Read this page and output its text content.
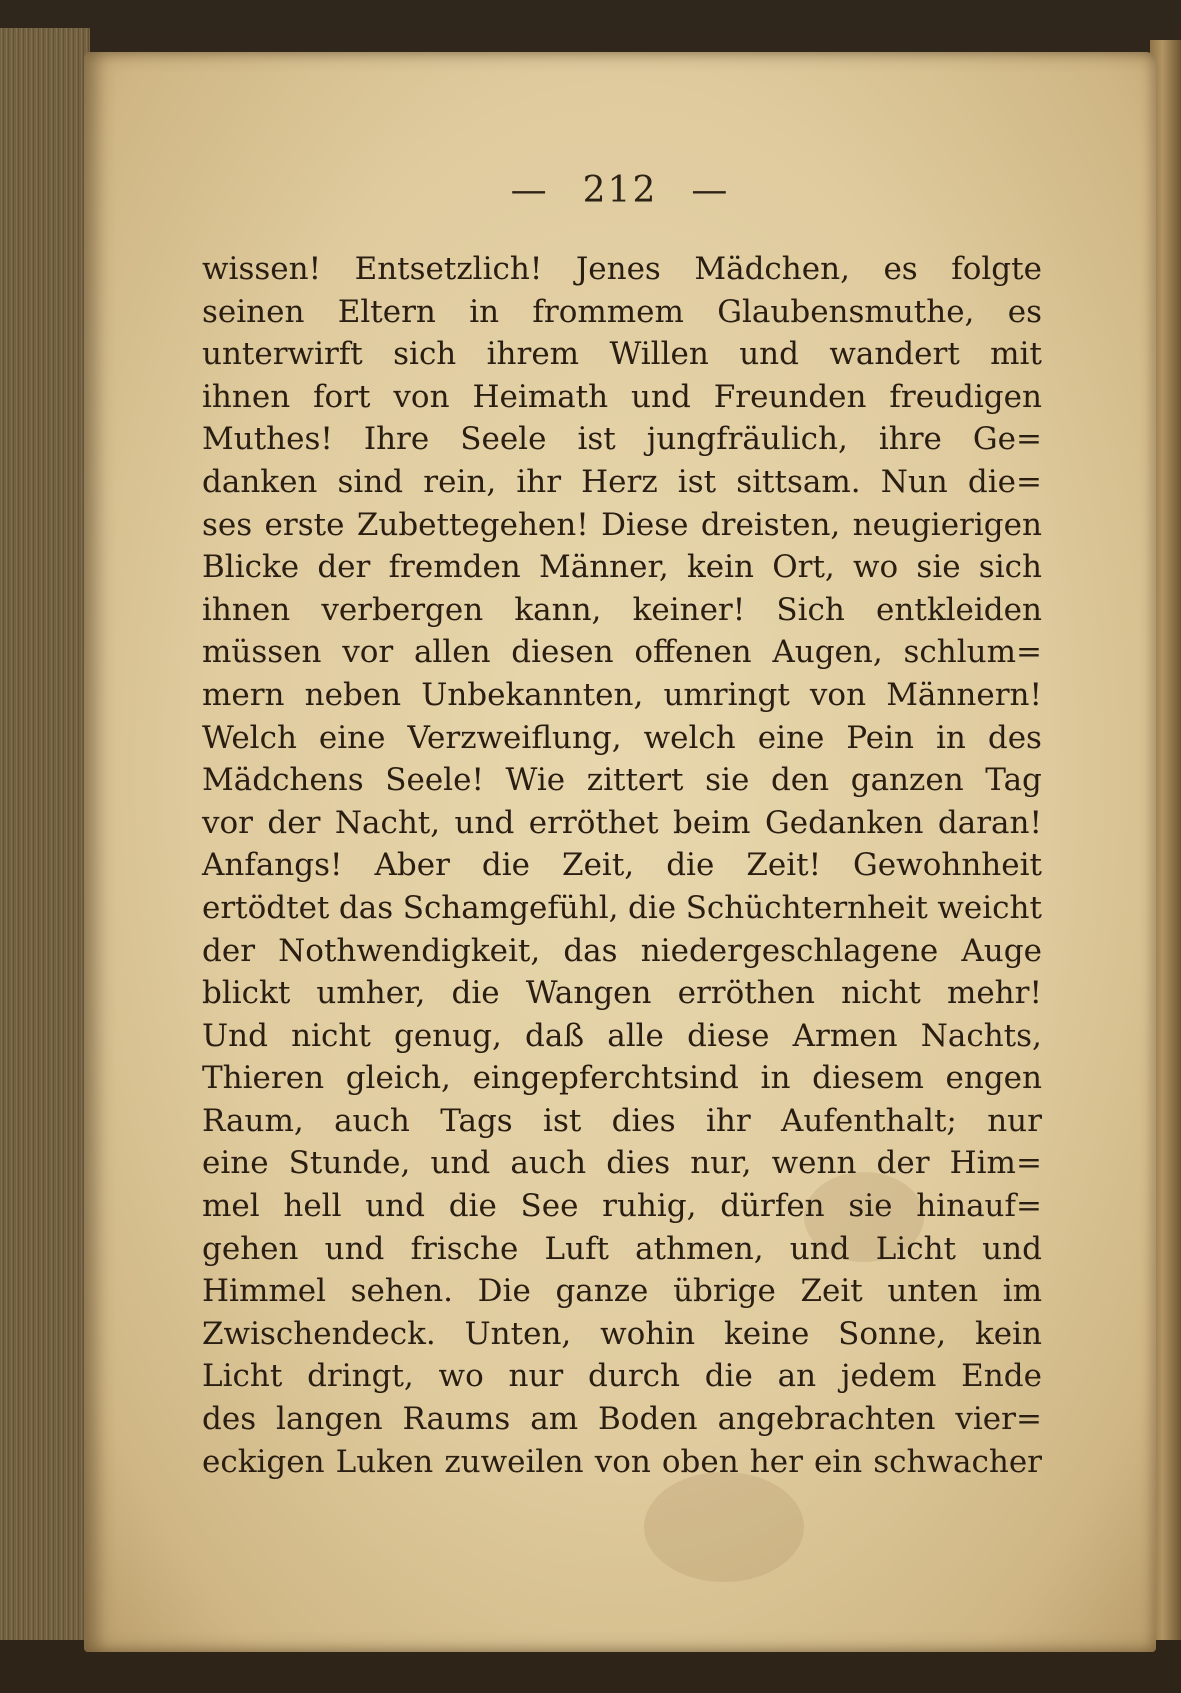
— 212 —
wissen! Entsetzlich! Jenes Mädchen, es folgte
seinen Eltern in frommem Glaubensmuthe, es
unterwirft sich ihrem Willen und wandert mit
ihnen fort von Heimath und Freunden freudigen
Muthes! Ihre Seele ist jungfräulich, ihre Ge=
danken sind rein, ihr Herz ist sittsam. Nun die=
ses erste Zubettegehen! Diese dreisten, neugierigen
Blicke der fremden Männer, kein Ort, wo sie sich
ihnen verbergen kann, keiner! Sich entkleiden
müssen vor allen diesen offenen Augen, schlum=
mern neben Unbekannten, umringt von Männern!
Welch eine Verzweiflung, welch eine Pein in des
Mädchens Seele! Wie zittert sie den ganzen Tag
vor der Nacht, und erröthet beim Gedanken daran!
Anfangs! Aber die Zeit, die Zeit! Gewohnheit
ertödtet das Schamgefühl, die Schüchternheit weicht
der Nothwendigkeit, das niedergeschlagene Auge
blickt umher, die Wangen erröthen nicht mehr!
Und nicht genug, daß alle diese Armen Nachts,
Thieren gleich, eingepferchtsind in diesem engen
Raum, auch Tags ist dies ihr Aufenthalt; nur
eine Stunde, und auch dies nur, wenn der Him=
mel hell und die See ruhig, dürfen sie hinauf=
gehen und frische Luft athmen, und Licht und
Himmel sehen. Die ganze übrige Zeit unten im
Zwischendeck. Unten, wohin keine Sonne, kein
Licht dringt, wo nur durch die an jedem Ende
des langen Raums am Boden angebrachten vier=
eckigen Luken zuweilen von oben her ein schwacher
